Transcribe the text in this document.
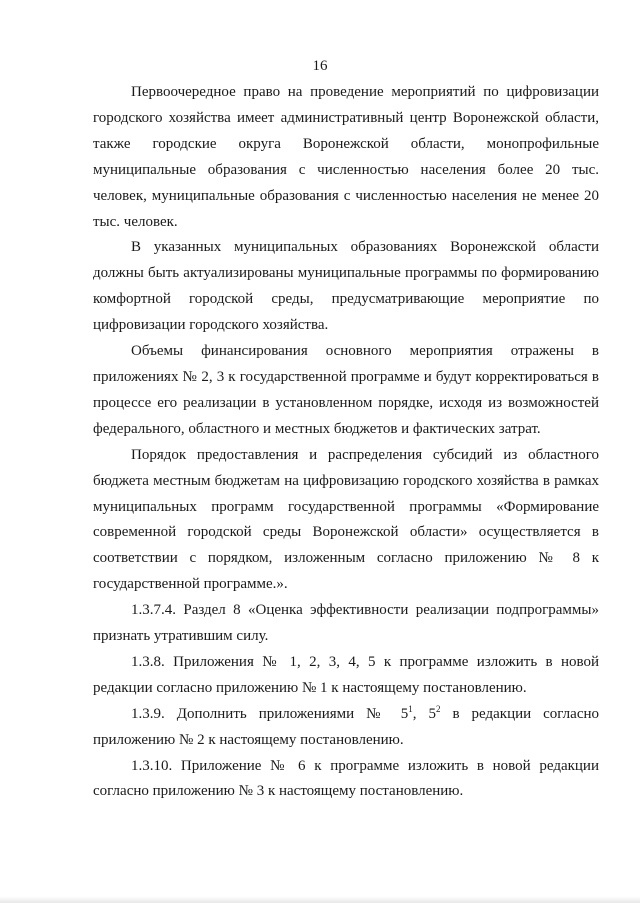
16

Первоочередное право на проведение мероприятий по цифровизации городского хозяйства имеет административный центр Воронежской области, также городские округа Воронежской области, монопрофильные муниципальные образования с численностью населения более 20 тыс. человек, муниципальные образования с численностью населения не менее 20 тыс. человек.

В указанных муниципальных образованиях Воронежской области должны быть актуализированы муниципальные программы по формированию комфортной городской среды, предусматривающие мероприятие по цифровизации городского хозяйства.

Объемы финансирования основного мероприятия отражены в приложениях № 2, 3 к государственной программе и будут корректироваться в процессе его реализации в установленном порядке, исходя из возможностей федерального, областного и местных бюджетов и фактических затрат.

Порядок предоставления и распределения субсидий из областного бюджета местным бюджетам на цифровизацию городского хозяйства в рамках муниципальных программ государственной программы «Формирование современной городской среды Воронежской области» осуществляется в соответствии с порядком, изложенным согласно приложению № 8 к государственной программе.».

1.3.7.4. Раздел 8 «Оценка эффективности реализации подпрограммы» признать утратившим силу.

1.3.8. Приложения № 1, 2, 3, 4, 5 к программе изложить в новой редакции согласно приложению № 1 к настоящему постановлению.

1.3.9. Дополнить приложениями № $5^1$, $5^2$ в редакции согласно приложению № 2 к настоящему постановлению.

1.3.10. Приложение № 6 к программе изложить в новой редакции согласно приложению № 3 к настоящему постановлению.
